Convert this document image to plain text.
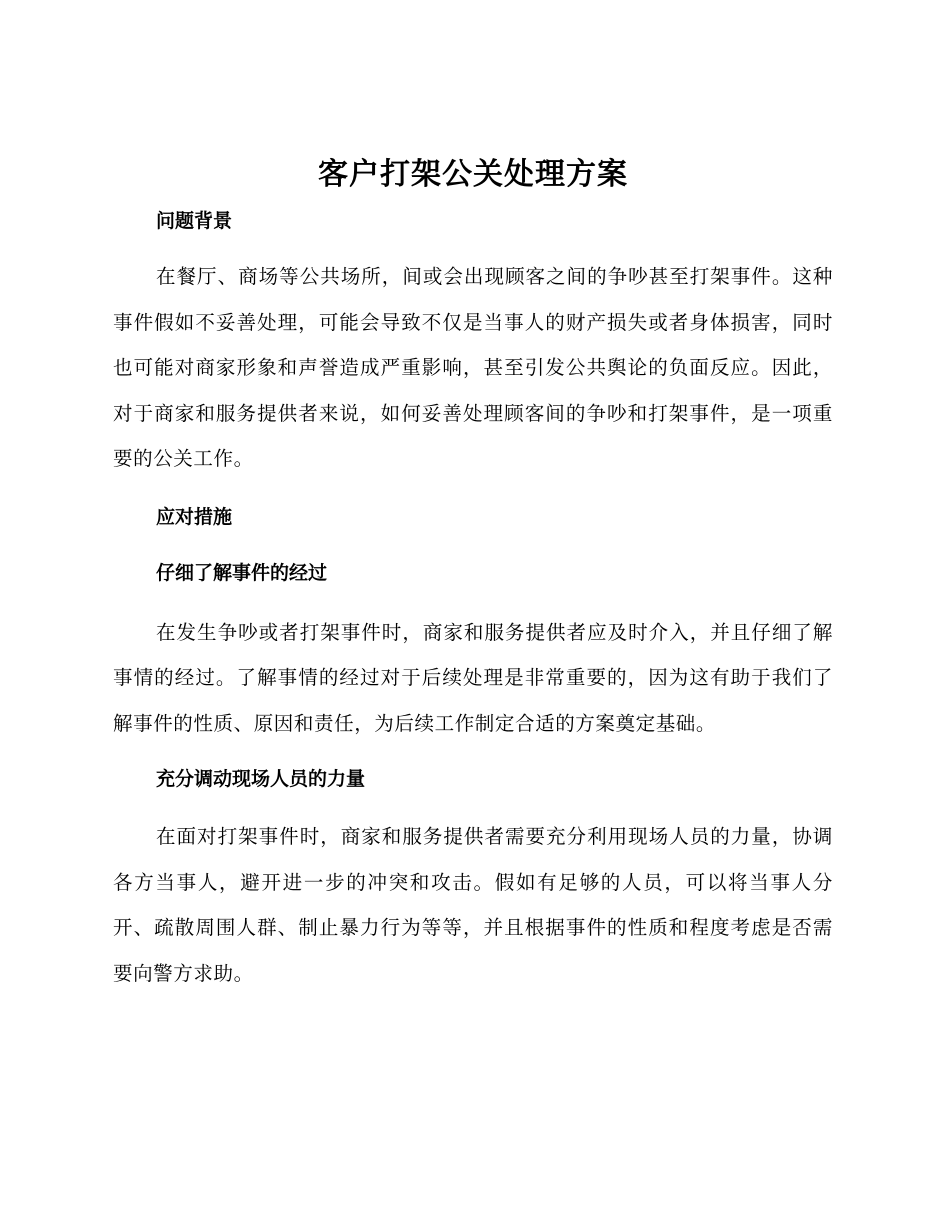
客户打架公关处理方案
问题背景

在餐厅、商场等公共场所，间或会出现顾客之间的争吵甚至打架事件。这种事件假如不妥善处理，可能会导致不仅是当事人的财产损失或者身体损害，同时也可能对商家形象和声誉造成严重影响，甚至引发公共舆论的负面反应。因此，对于商家和服务提供者来说，如何妥善处理顾客间的争吵和打架事件，是一项重要的公关工作。

应对措施
仔细了解事件的经过

在发生争吵或者打架事件时，商家和服务提供者应及时介入，并且仔细了解事情的经过。了解事情的经过对于后续处理是非常重要的，因为这有助于我们了解事件的性质、原因和责任，为后续工作制定合适的方案奠定基础。

充分调动现场人员的力量

在面对打架事件时，商家和服务提供者需要充分利用现场人员的力量，协调各方当事人，避开进一步的冲突和攻击。假如有足够的人员，可以将当事人分开、疏散周围人群、制止暴力行为等等，并且根据事件的性质和程度考虑是否需要向警方求助。
